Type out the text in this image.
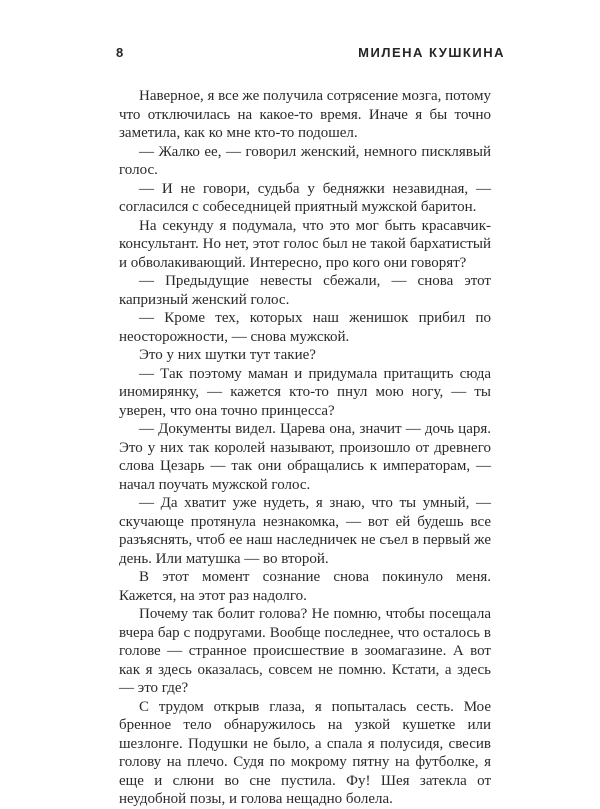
8	МИЛЕНА КУШКИНА

Наверное, я все же получила сотрясение мозга, потому что отключилась на какое-то время. Иначе я бы точно заметила, как ко мне кто-то подошел.

— Жалко ее, — говорил женский, немного писклявый голос.

— И не говори, судьба у бедняжки незавидная, — согласился с собеседницей приятный мужской баритон.

На секунду я подумала, что это мог быть красавчик-консультант. Но нет, этот голос был не такой бархатистый и обволакивающий. Интересно, про кого они говорят?

— Предыдущие невесты сбежали, — снова этот капризный женский голос.

— Кроме тех, которых наш женишок прибил по неосторожности, — снова мужской.

Это у них шутки тут такие?

— Так поэтому маман и придумала притащить сюда иномирянку, — кажется кто-то пнул мою ногу, — ты уверен, что она точно принцесса?

— Документы видел. Царева она, значит — дочь царя. Это у них так королей называют, произошло от древнего слова Цезарь — так они обращались к императорам, — начал поучать мужской голос.

— Да хватит уже нудеть, я знаю, что ты умный, — скучающе протянула незнакомка, — вот ей будешь все разъяснять, чтоб ее наш наследничек не съел в первый же день. Или матушка — во второй.

В этот момент сознание снова покинуло меня. Кажется, на этот раз надолго.

Почему так болит голова? Не помню, чтобы посещала вчера бар с подругами. Вообще последнее, что осталось в голове — странное происшествие в зоомагазине. А вот как я здесь оказалась, совсем не помню. Кстати, а здесь — это где?

С трудом открыв глаза, я попыталась сесть. Мое бренное тело обнаружилось на узкой кушетке или шезлонге. Подушки не было, а спала я полусидя, свесив голову на плечо. Судя по мокрому пятну на футболке, я еще и слюни во сне пустила. Фу! Шея затекла от неудобной позы, и голова нещадно болела.
